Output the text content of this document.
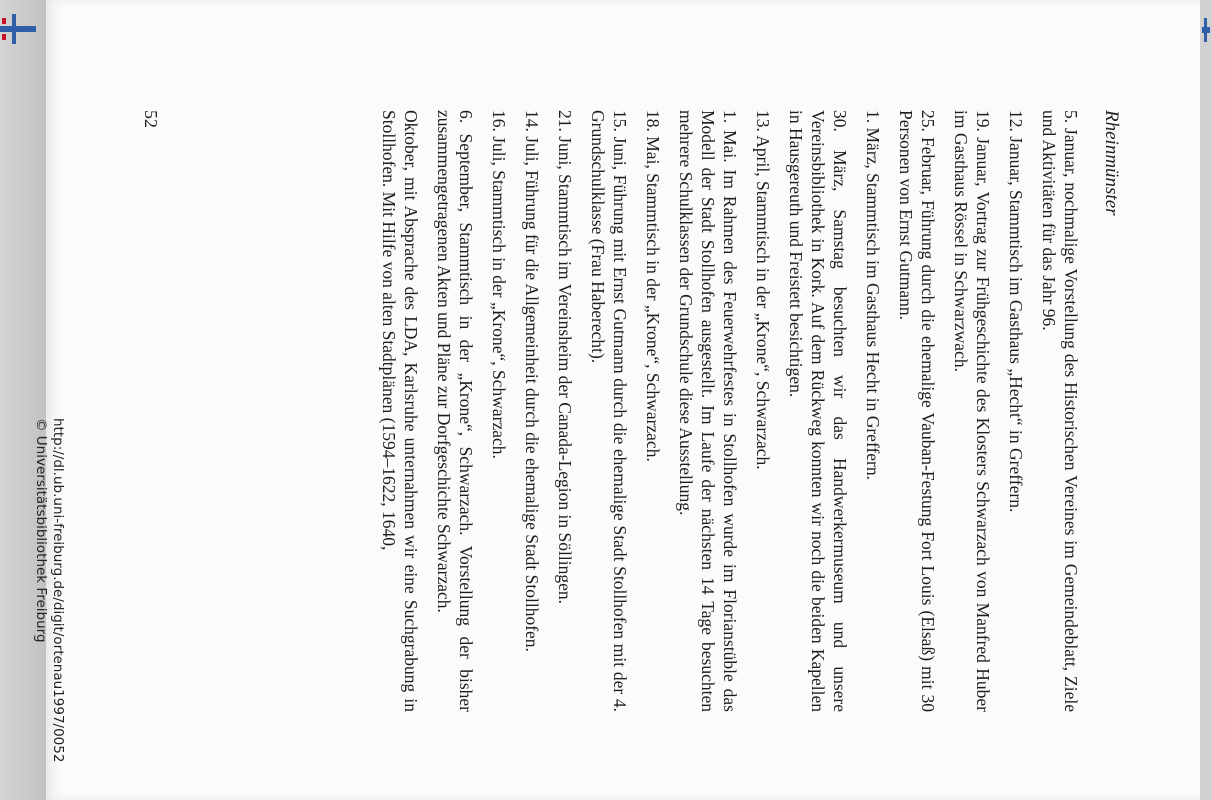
Rheinmünster

5. Januar, nochmalige Vorstellung des Historischen Vereines im Gemeindeblatt, Ziele und Aktivitäten für das Jahr 96.

12. Januar, Stammtisch im Gasthaus „Hecht“ in Greffern.

19. Januar, Vortrag zur Frühgeschichte des Klosters Schwarzach von Manfred Huber im Gasthaus Rössel in Schwarzwach.

25. Februar, Führung durch die ehemalige Vauban-Festung Fort Louis (Elsaß) mit 30 Personen von Ernst Gutmann.

1. März, Stammtisch im Gasthaus Hecht in Greffern.

30. März, Samstag besuchten wir das Handwerkermuseum und unsere Vereinsbibliothek in Kork. Auf dem Rückweg konnten wir noch die beiden Kapellen in Hausgereuth und Freistett besichtigen.

13. April, Stammtisch in der „Krone“, Schwarzach.

1. Mai. Im Rahmen des Feuerwehrfestes in Stollhofen wurde im Florianstüble das Modell der Stadt Stollhofen ausgestellt. Im Laufe der nächsten 14 Tage besuchten mehrere Schulklassen der Grundschule diese Ausstellung.

18. Mai, Stammtisch in der „Krone“, Schwarzach.

15. Juni, Führung mit Ernst Gutmann durch die ehemalige Stadt Stollhofen mit der 4. Grundschulklasse (Frau Haberecht).

21. Juni, Stammtisch im Vereinsheim der Canada-Legion in Söllingen.

14. Juli, Führung für die Allgemeinheit durch die ehemalige Stadt Stollhofen.

16. Juli, Stammtisch in der „Krone“, Schwarzach.

6. September, Stammtisch in der „Krone“, Schwarzach. Vorstellung der bisher zusammengetragenen Akten und Pläne zur Dorfgeschichte Schwarzach.

Oktober, mit Absprache des LDA, Karlsruhe unternahmen wir eine Suchgrabung in Stollhofen. Mit Hilfe von alten Stadtplänen (1594–1622, 1640,

52
http://dl.ub.uni-freiburg.de/digit/ortenau1997/0052
© Universitätsbibliothek Freiburg
